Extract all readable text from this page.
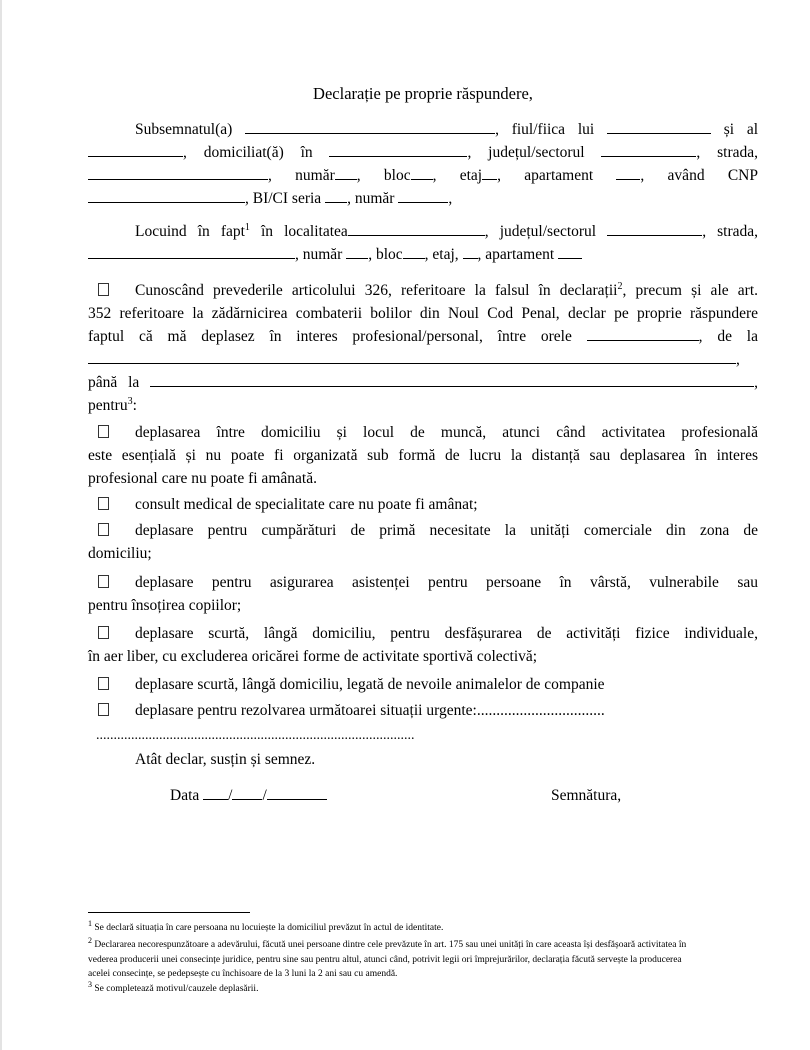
Declarație pe proprie răspundere,
Subsemnatul(a)	, fiul/fiica lui	și al
, domiciliat(ă) în	, județul/sectorul	, strada,
, număr , bloc , etaj , apartament	, având CNP
, BI/CI seria , număr	,
Locuind în fapt$^1$ în localitatea	, județul/sectorul	, strada,
, număr , bloc , etaj, , apartament
Cunoscând prevederile articolului 326, referitoare la falsul în declarații$^2$, precum și ale art.
352 referitoare la zădărnicirea combaterii bolilor din Noul Cod Penal, declar pe proprie răspundere
faptul că mă deplasez în interes profesional/personal, între orele	, de la
,
până la	,
pentru$^3$:
deplasarea între domiciliu și locul de muncă, atunci când activitatea profesională
este esențială și nu poate fi organizată sub formă de lucru la distanță sau deplasarea în interes
profesional care nu poate fi amânată.
consult medical de specialitate care nu poate fi amânat;
deplasare pentru cumpărături de primă necesitate la unități comerciale din zona de
domiciliu;
deplasare pentru asigurarea asistenței pentru persoane în vârstă, vulnerabile sau
pentru însoțirea copiilor;
deplasare scurtă, lângă domiciliu, pentru desfășurarea de activități fizice individuale,
în aer liber, cu excluderea oricărei forme de activitate sportivă colectivă;
deplasare scurtă, lângă domiciliu, legată de nevoile animalelor de companie
deplasare pentru rezolvarea următoarei situații urgente:.................................
...........................................................................................
Atât declar, susțin și semnez.
Data / /	Semnătura,
$^1$ Se declară situația în care persoana nu locuiește la domiciliul prevăzut în actul de identitate.
$^2$ Declararea necorespunzătoare a adevărului, făcută unei persoane dintre cele prevăzute în art. 175 sau unei unități în care aceasta își desfășoară activitatea în
vederea producerii unei consecințe juridice, pentru sine sau pentru altul, atunci când, potrivit legii ori împrejurărilor, declarația făcută servește la producerea
acelei consecințe, se pedepsește cu închisoare de la 3 luni la 2 ani sau cu amendă.
$^3$ Se completează motivul/cauzele deplasării.
